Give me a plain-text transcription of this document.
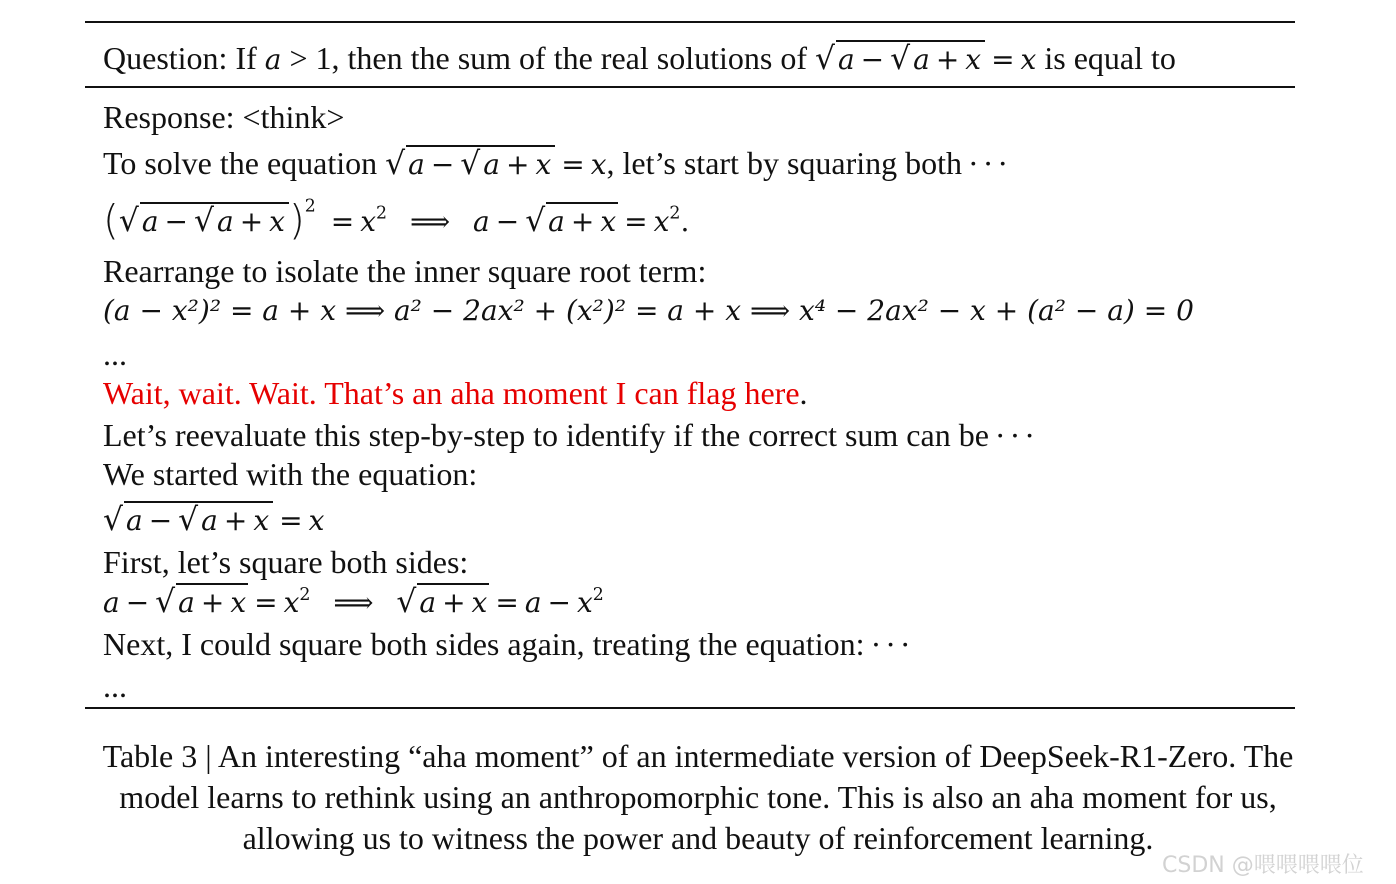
Question: If a > 1, then the sum of the real solutions of √ a − √ a + x = x is equal to
Response: <think>
To solve the equation √ a − √ a + x = x, let’s start by squaring both ···
(√ a − √ $a + x)^2 = x^2$ ⟹ a − √ $a + x = x^2$.
Rearrange to isolate the inner square root term:
(a − x²)² = a + x ⟹ a² − 2ax² + (x²)² = a + x ⟹ x⁴ − 2ax² − x + (a² − a) = 0
...
Wait, wait. Wait. That’s an aha moment I can flag here.
Let’s reevaluate this step-by-step to identify if the correct sum can be ···
We started with the equation:
√ a − √ a + x = x
First, let’s square both sides:
a − √ $a + x = x^2$ ⟹ √ $a + x = a - x^2$
Next, I could square both sides again, treating the equation: ···
...
Table 3 | An interesting “aha moment” of an intermediate version of DeepSeek-R1-Zero. The
model learns to rethink using an anthropomorphic tone. This is also an aha moment for us,
allowing us to witness the power and beauty of reinforcement learning.
CSDN @喂喂喂喂位
